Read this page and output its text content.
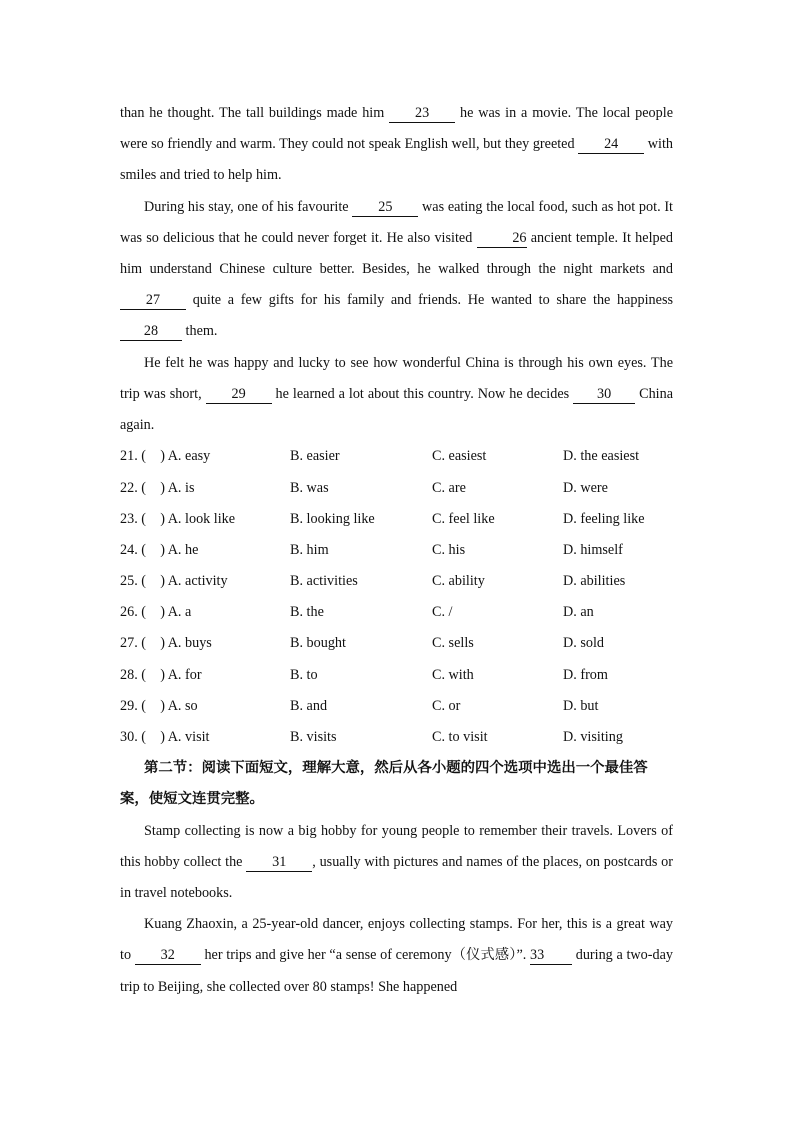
than he thought. The tall buildings made him 23 he was in a movie. The local people were so friendly and warm. They could not speak English well, but they greeted 24 with smiles and tried to help him.

During his stay, one of his favourite 25 was eating the local food, such as hot pot. It was so delicious that he could never forget it. He also visited	26 ancient temple. It helped him understand Chinese culture better. Besides, he walked through the night markets and 27 quite a few gifts for his family and friends. He wanted to share the happiness 28 them.

He felt he was happy and lucky to see how wonderful China is through his own eyes. The trip was short, 29 he learned a lot about this country. Now he decides 30 China again.

21. ( ) A. easy	B. easier	C. easiest	D. the easiest
22. ( ) A. is	B. was	C. are	D. were
23. ( ) A. look like	B. looking like	C. feel like	D. feeling like
24. ( ) A. he	B. him	C. his	D. himself
25. ( ) A. activity	B. activities	C. ability	D. abilities
26. ( ) A. a	B. the	C. /	D. an
27. ( ) A. buys	B. bought	C. sells	D. sold
28. ( ) A. for	B. to	C. with	D. from
29. ( ) A. so	B. and	C. or	D. but
30. ( ) A. visit	B. visits	C. to visit	D. visiting

第二节：阅读下面短文，理解大意，然后从各小题的四个选项中选出一个最佳答案，使短文连贯完整。

Stamp collecting is now a big hobby for young people to remember their travels. Lovers of this hobby collect the 31 , usually with pictures and names of the places, on postcards or in travel notebooks.

Kuang Zhaoxin, a 25-year-old dancer, enjoys collecting stamps. For her, this is a great way to 32 her trips and give her “a sense of ceremony（仪式感）”. 33 during a two-day trip to Beijing, she collected over 80 stamps! She happened
